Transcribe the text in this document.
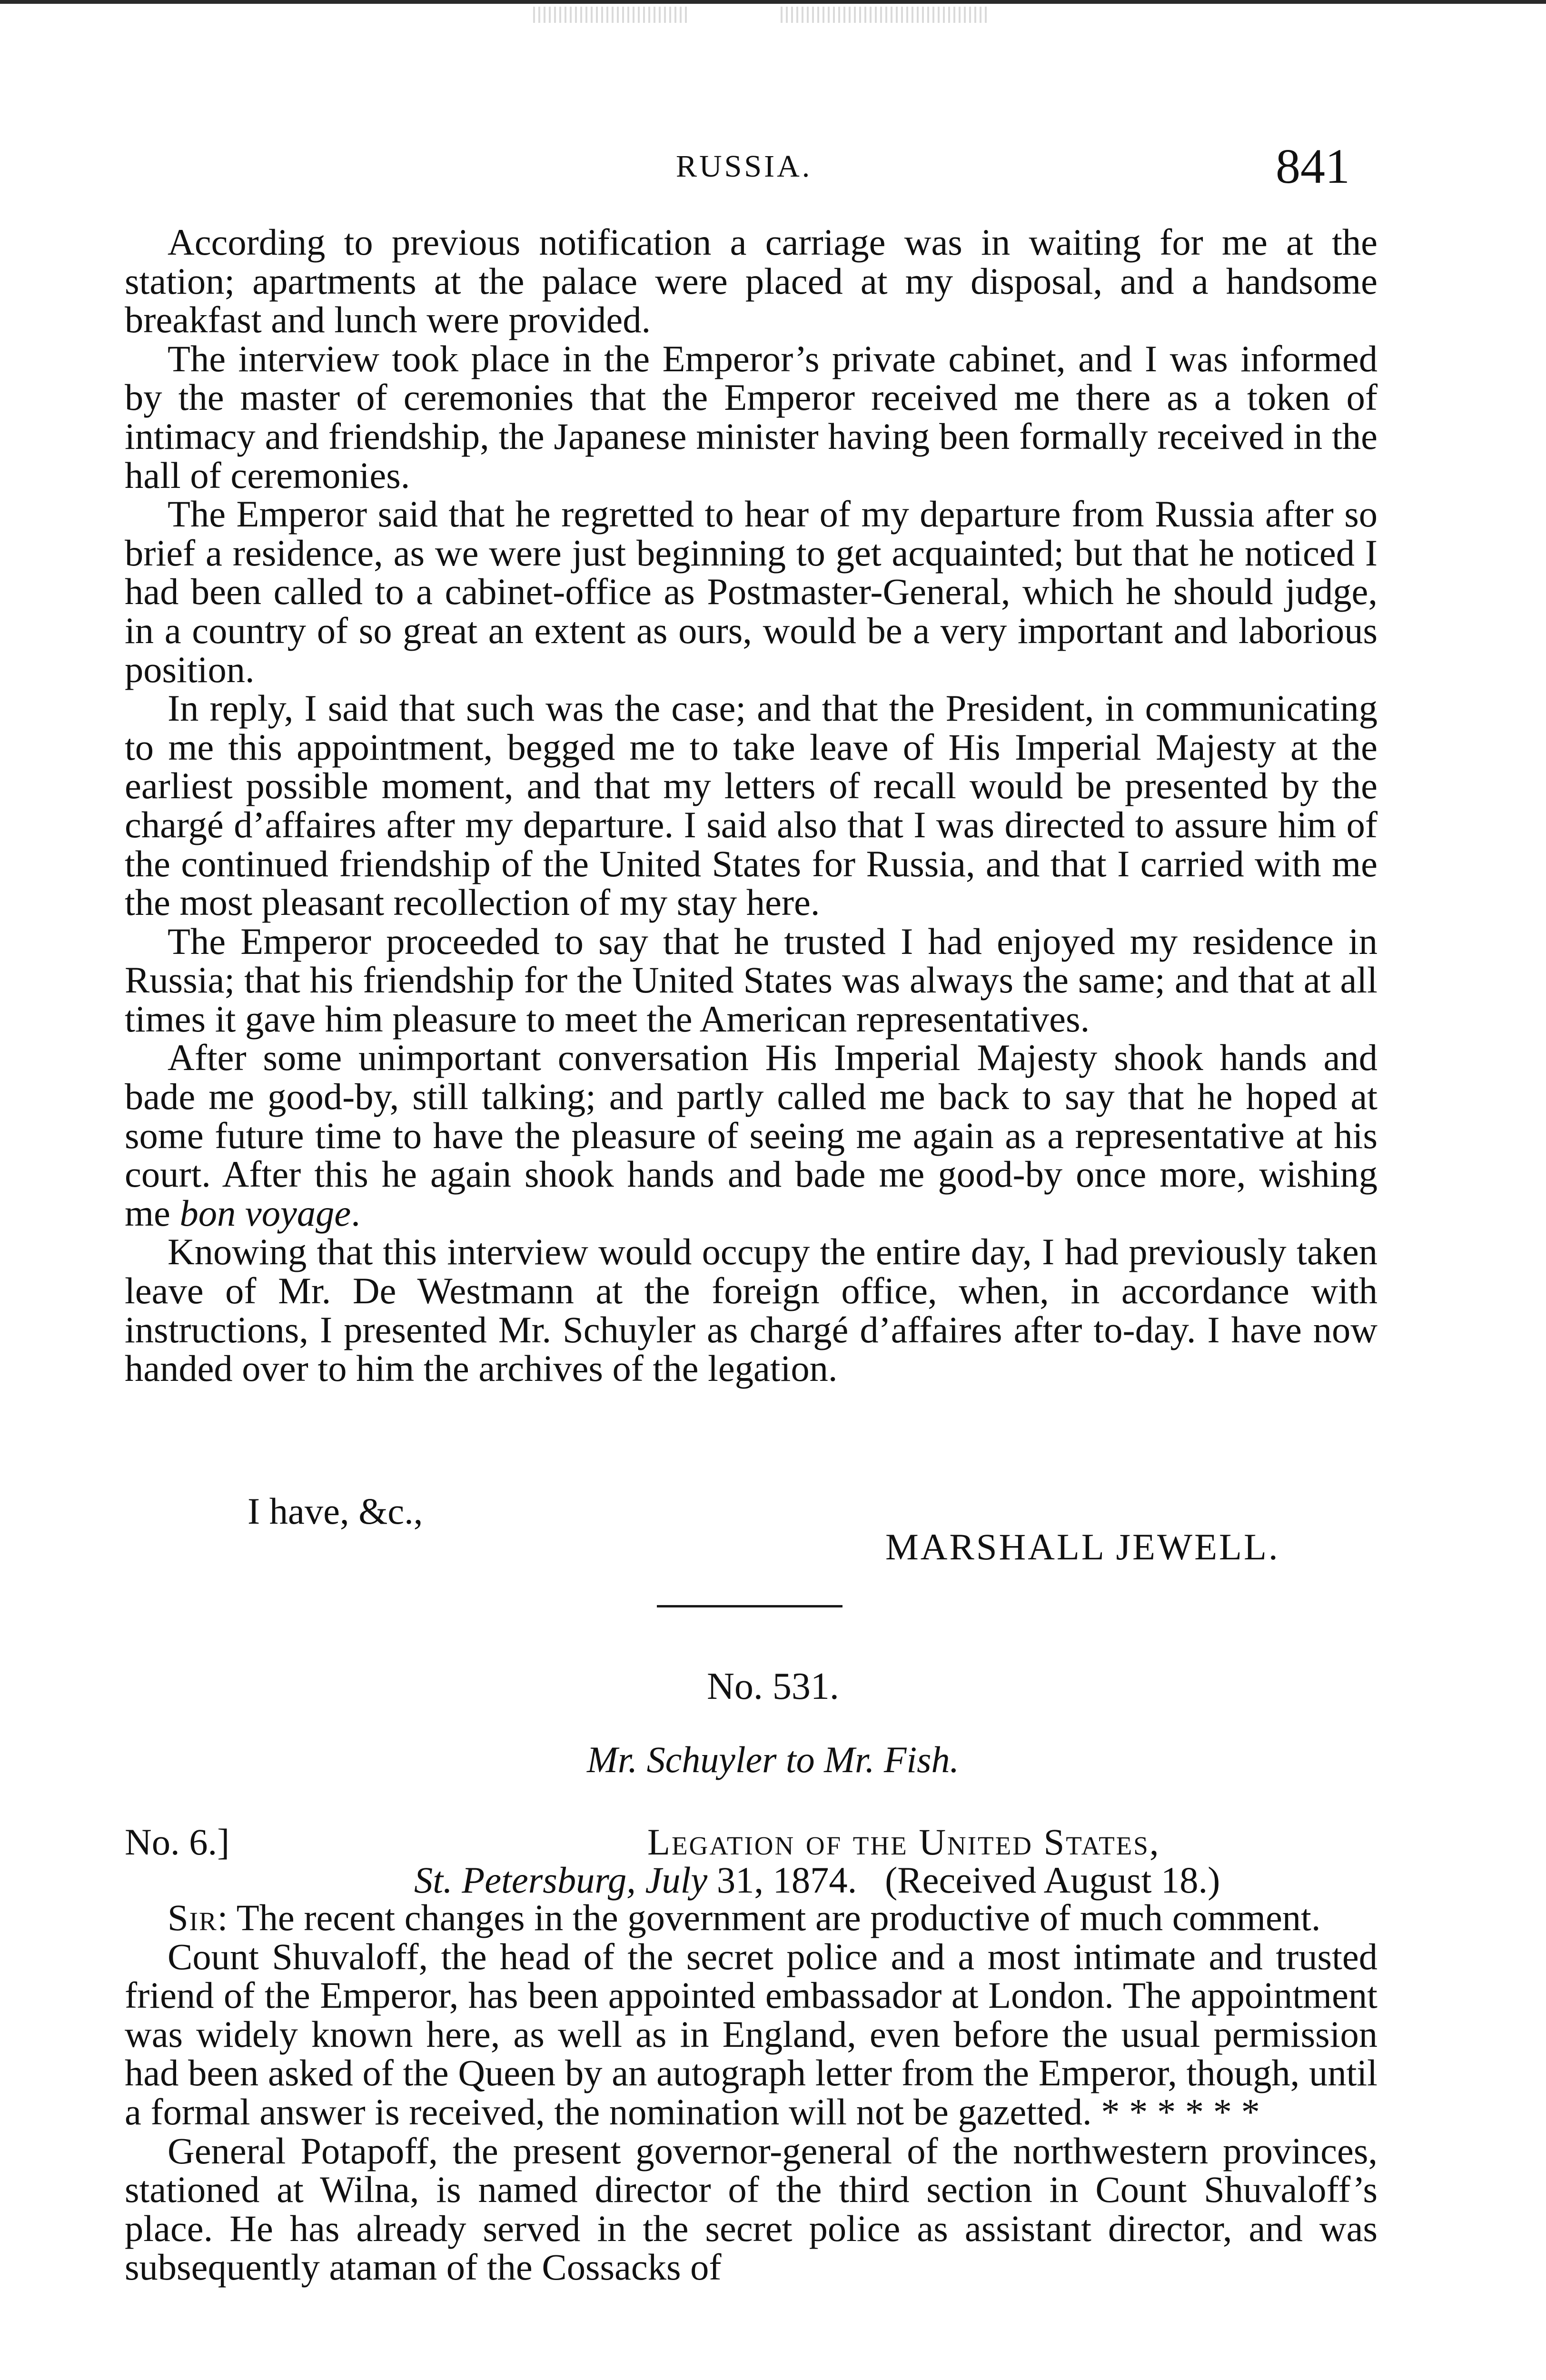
RUSSIA.	841

According to previous notification a carriage was in waiting for me at the station; apartments at the palace were placed at my disposal, and a handsome breakfast and lunch were provided.

The interview took place in the Emperor’s private cabinet, and I was informed by the master of ceremonies that the Emperor received me there as a token of intimacy and friendship, the Japanese minister having been formally received in the hall of ceremonies.

The Emperor said that he regretted to hear of my departure from Russia after so brief a residence, as we were just beginning to get acquainted; but that he noticed I had been called to a cabinet-office as Postmaster-General, which he should judge, in a country of so great an extent as ours, would be a very important and laborious position.

In reply, I said that such was the case; and that the President, in communicating to me this appointment, begged me to take leave of His Imperial Majesty at the earliest possible moment, and that my letters of recall would be presented by the chargé d’affaires after my departure. I said also that I was directed to assure him of the continued friendship of the United States for Russia, and that I carried with me the most pleasant recollection of my stay here.

The Emperor proceeded to say that he trusted I had enjoyed my residence in Russia; that his friendship for the United States was always the same; and that at all times it gave him pleasure to meet the American representatives.

After some unimportant conversation His Imperial Majesty shook hands and bade me good-by, still talking; and partly called me back to say that he hoped at some future time to have the pleasure of seeing me again as a representative at his court. After this he again shook hands and bade me good-by once more, wishing me bon voyage.

Knowing that this interview would occupy the entire day, I had previously taken leave of Mr. De Westmann at the foreign office, when, in accordance with instructions, I presented Mr. Schuyler as chargé d’affaires after to-day. I have now handed over to him the archives of the legation.

I have, &c.,
MARSHALL JEWELL.
No. 531.
Mr. Schuyler to Mr. Fish.
No. 6.]	Legation of the United States,
St. Petersburg, July 31, 1874. (Received August 18.)

Sir: The recent changes in the government are productive of much comment.

Count Shuvaloff, the head of the secret police and a most intimate and trusted friend of the Emperor, has been appointed embassador at London. The appointment was widely known here, as well as in England, even before the usual permission had been asked of the Queen by an autograph letter from the Emperor, though, until a formal answer is received, the nomination will not be gazetted. * * * * * *

General Potapoff, the present governor-general of the northwestern provinces, stationed at Wilna, is named director of the third section in Count Shuvaloff’s place. He has already served in the secret police as assistant director, and was subsequently ataman of the Cossacks of
